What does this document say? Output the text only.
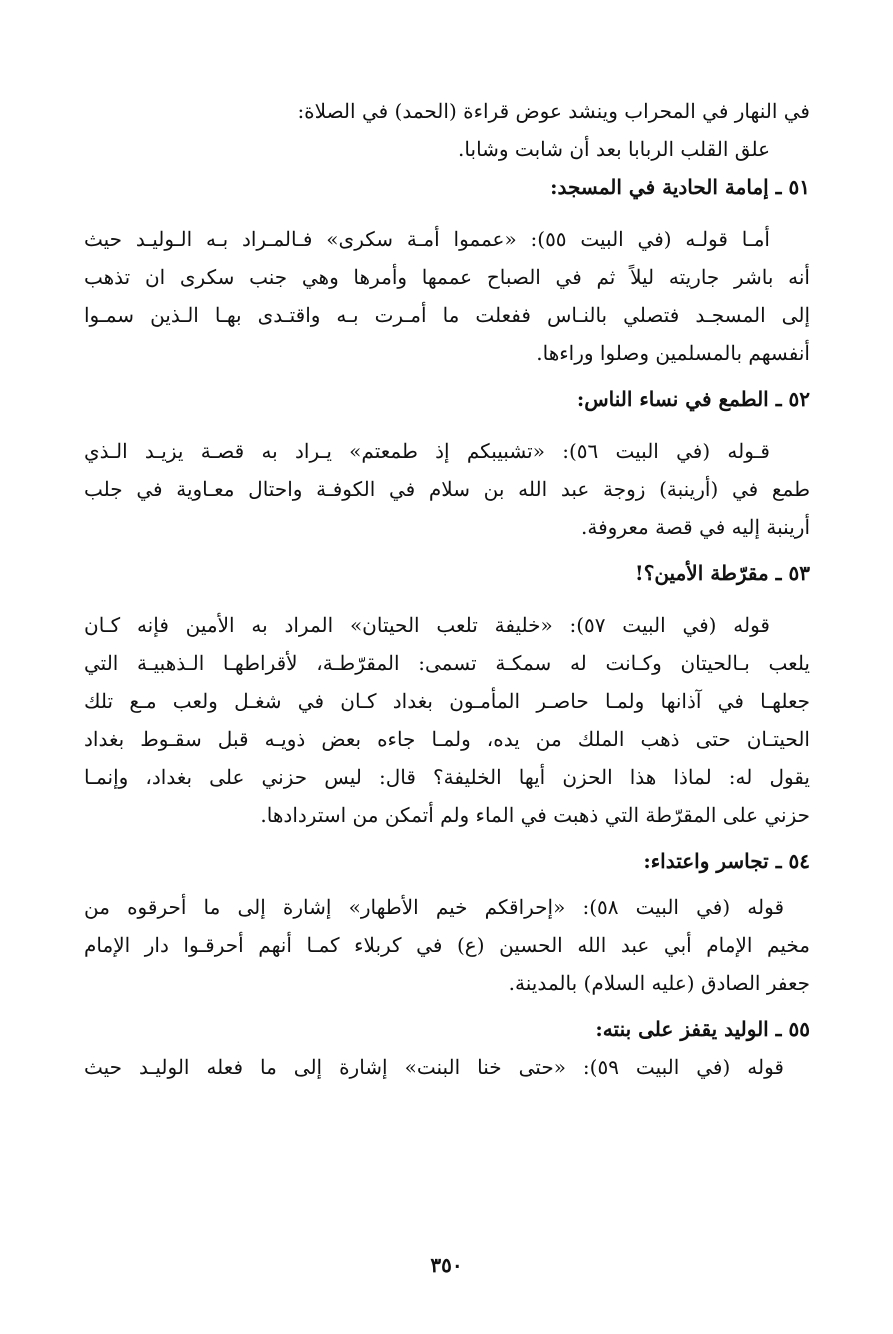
في النهار في المحراب وينشد عوض قراءة (الحمد) في الصلاة:
علق القلب الربابا بعد أن شابت وشابا.
٥١ ـ إمامة الحادية في المسجد:
أمـا قولـه (في البيت ٥٥): «عمموا أمـة سكرى» فـالمـراد بـه الـوليـد حيث
أنه باشر جاريته ليلاً ثم في الصباح عممها وأمرها وهي جنب سكرى ان تذهب
إلى المسجـد فتصلي بالنـاس ففعلت ما أمـرت بـه واقتـدى بهـا الـذين سمـوا
أنفسهم بالمسلمين وصلوا وراءها.
٥٢ ـ الطمع في نساء الناس:
قـوله (في البيت ٥٦): «تشبيبكم إذ طمعتم» يـراد به قصـة يزيـد الـذي
طمع في (أرينبة) زوجة عبد الله بن سلام في الكوفـة واحتال معـاوية في جلب
أرينبة إليه في قصة معروفة.
٥٣ ـ مقرّطة الأمين؟!
قوله (في البيت ٥٧): «خليفة تلعب الحيتان» المراد به الأمين فإنه كـان
يلعب بـالحيتان وكـانت له سمكـة تسمى: المقرّطـة، لأقراطهـا الـذهبيـة التي
جعلهـا في آذانها ولمـا حاصـر المأمـون بغداد كـان في شغـل ولعب مـع تلك
الحيتـان حتى ذهب الملك من يده، ولمـا جاءه بعض ذويـه قبل سقـوط بغداد
يقول له: لماذا هذا الحزن أيها الخليفة؟ قال: ليس حزني على بغداد، وإنمـا
حزني على المقرّطة التي ذهبت في الماء ولم أتمكن من استردادها.
٥٤ ـ تجاسر واعتداء:
قوله (في البيت ٥٨): «إحراقكم خيم الأطهار» إشارة إلى ما أحرقوه من
مخيم الإمام أبي عبد الله الحسين (ع) في كربلاء كمـا أنهم أحرقـوا دار الإمام
جعفر الصادق (عليه السلام) بالمدينة.
٥٥ ـ الوليد يقفز على بنته:
قوله (في البيت ٥٩): «حتى خنا البنت» إشارة إلى ما فعله الوليـد حيث
٣٥٠
